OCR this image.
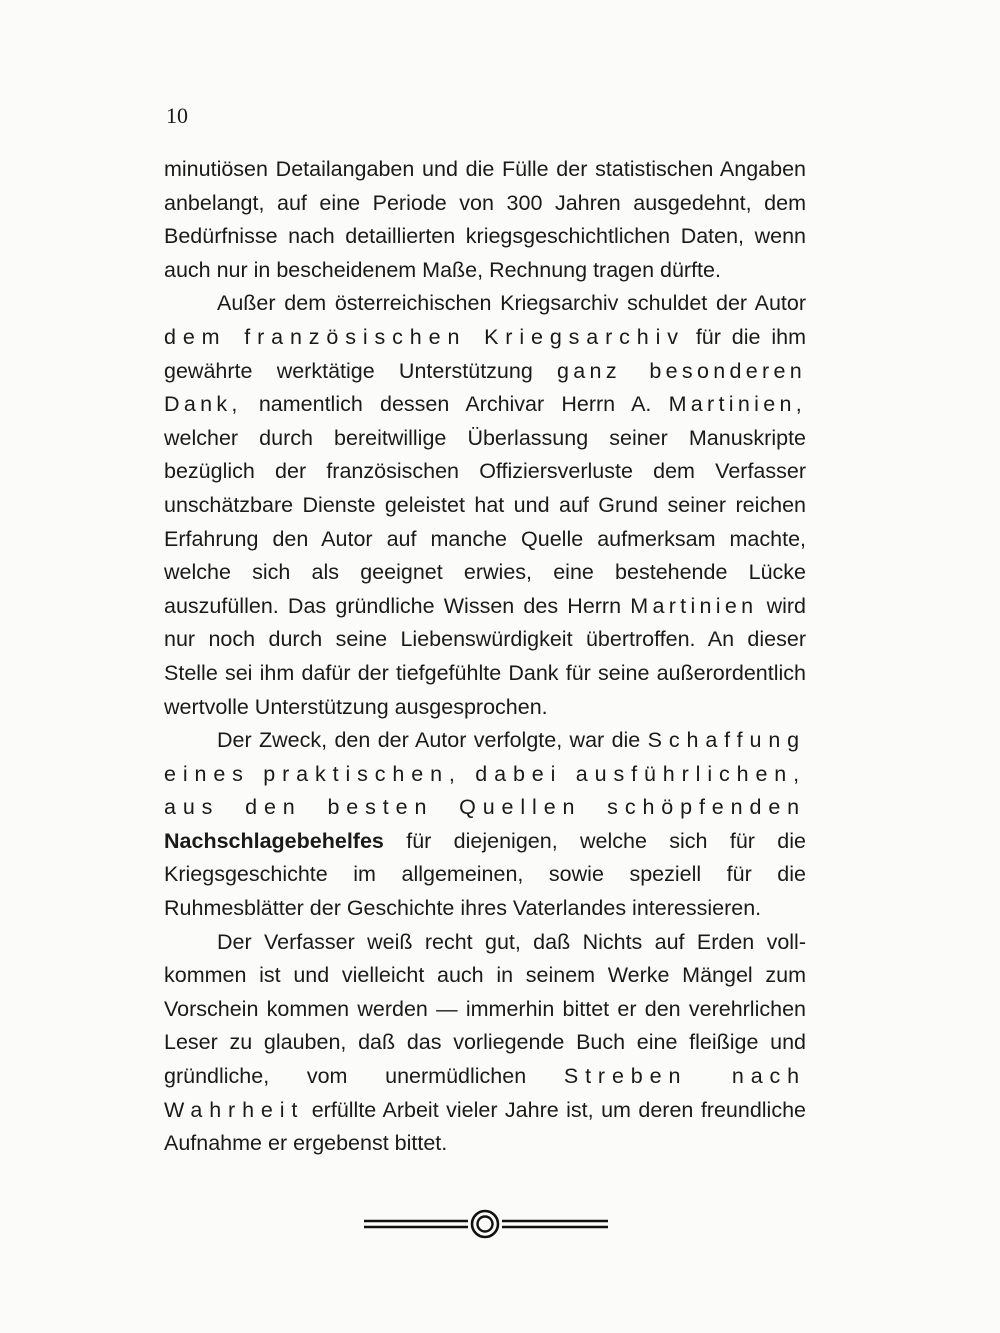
10

minutiösen Detailangaben und die Fülle der statistischen Angaben anbelangt, auf eine Periode von 300 Jahren ausgedehnt, dem Bedürfnisse nach detaillierten kriegsgeschichtlichen Daten, wenn auch nur in bescheidenem Maße, Rechnung tragen dürfte.

Außer dem österreichischen Kriegsarchiv schuldet der Autor dem französischen Kriegsarchiv für die ihm gewährte werktätige Unterstützung ganz besonderen Dank, namentlich dessen Archivar Herrn A. Martinien, welcher durch bereitwillige Überlassung seiner Manuskripte bezüglich der französischen Offiziersverluste dem Verfasser unschätzbare Dienste geleistet hat und auf Grund seiner reichen Erfahrung den Autor auf manche Quelle aufmerksam machte, welche sich als geeignet erwies, eine bestehende Lücke auszufüllen. Das gründliche Wissen des Herrn Martinien wird nur noch durch seine Liebenswürdigkeit übertroffen. An dieser Stelle sei ihm dafür der tiefgefühlte Dank für seine außerordentlich wertvolle Unterstützung ausgesprochen.

Der Zweck, den der Autor verfolgte, war die Schaffung eines praktischen, dabei ausführlichen, aus den besten Quellen schöpfenden Nachschlagebehelfes für diejenigen, welche sich für die Kriegsgeschichte im allgemeinen, sowie speziell für die Ruhmesblätter der Geschichte ihres Vaterlandes interessieren.

Der Verfasser weiß recht gut, daß Nichts auf Erden vollkommen ist und vielleicht auch in seinem Werke Mängel zum Vorschein kommen werden — immerhin bittet er den verehrlichen Leser zu glauben, daß das vorliegende Buch eine fleißige und gründliche, vom unermüdlichen Streben nach Wahrheit erfüllte Arbeit vieler Jahre ist, um deren freundliche Aufnahme er ergebenst bittet.
